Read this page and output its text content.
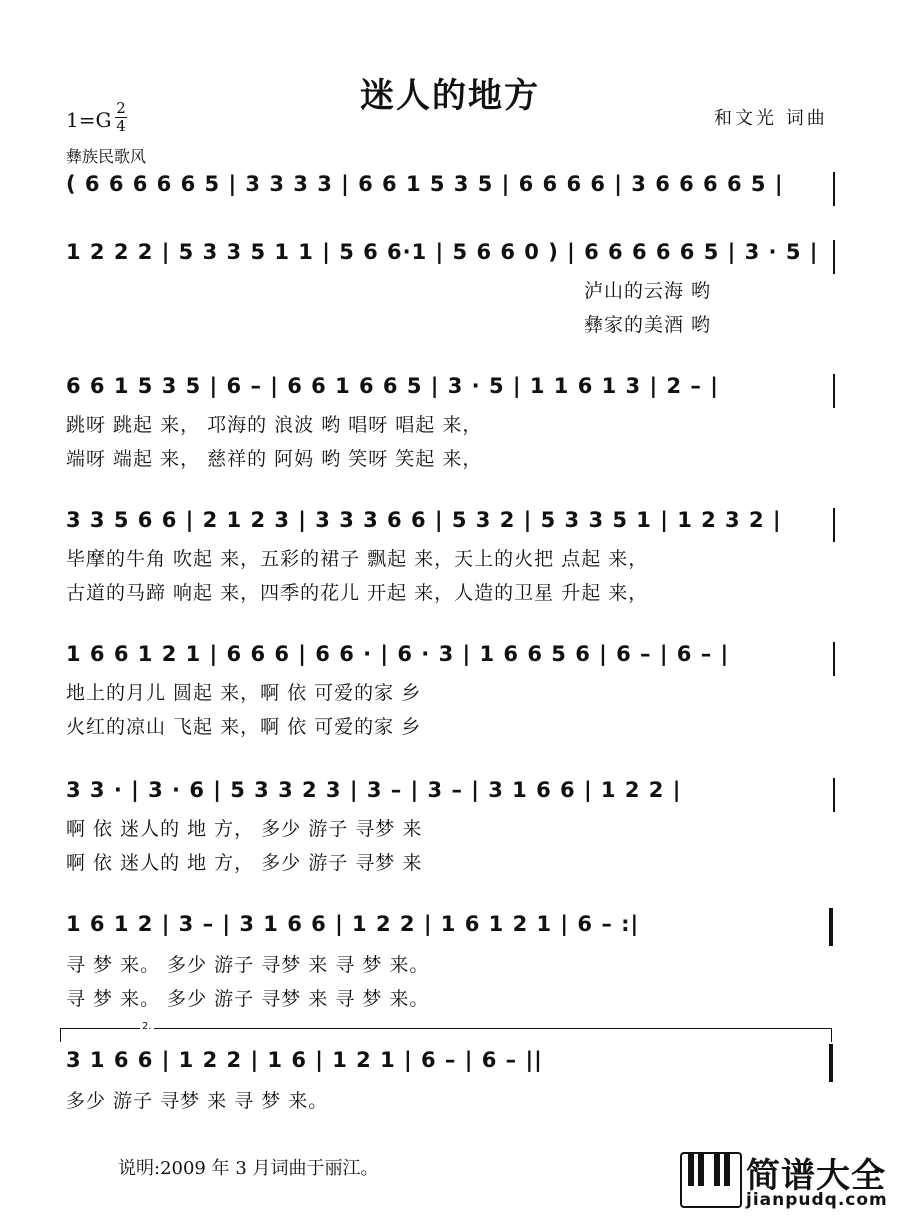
迷人的地方
1=G 2
4	和文光 词曲
彝族民歌风
( 6 6 6 6 6 5 | 3 3 3 3 | 6 6 1 5 3 5 | 6 6 6 6 | 3 6 6 6 6 5 |
1 2 2 2 | 5 3 3 5 1 1 | 5 6 6·1 | 5 6 6 0 ) | 6 6 6 6 6 5 | 3 · 5 |
泸山的云海 哟
彝家的美酒 哟
6 6 1 5 3 5 | 6 – | 6 6 1 6 6 5 | 3 · 5 | 1 1 6 1 3 | 2 – |
跳呀 跳起 来， 邛海的 浪波 哟 唱呀 唱起 来，
端呀 端起 来， 慈祥的 阿妈 哟 笑呀 笑起 来，
3 3 5 6 6 | 2 1 2 3 | 3 3 3 6 6 | 5 3 2 | 5 3 3 5 1 | 1 2 3 2 |
毕摩的牛角 吹起 来，五彩的裙子 飘起 来，天上的火把 点起 来，
古道的马蹄 响起 来，四季的花儿 开起 来，人造的卫星 升起 来，
1 6 6 1 2 1 | 6 6 6 | 6 6 · | 6 · 3 | 1 6 6 5 6 | 6 – | 6 – |
地上的月儿 圆起 来，啊 依 可爱的家 乡
火红的凉山 飞起 来，啊 依 可爱的家 乡
3 3 · | 3 · 6 | 5 3 3 2 3 | 3 – | 3 – | 3 1 6 6 | 1 2 2 |
啊 依 迷人的 地 方， 多少 游子 寻梦 来
啊 依 迷人的 地 方， 多少 游子 寻梦 来
1 6 1 2 | 3 – | 3 1 6 6 | 1 2 2 | 1 6 1 2 1 | 6 – :|
寻 梦 来。 多少 游子 寻梦 来 寻 梦 来。
寻 梦 来。 多少 游子 寻梦 来 寻 梦 来。
2.
3 1 6 6 | 1 2 2 | 1 6 | 1 2 1 | 6 – | 6 – ||
多少 游子 寻梦 来 寻 梦 来。
说明:2009 年 3 月词曲于丽江。	简谱大全
jianpudq.com
